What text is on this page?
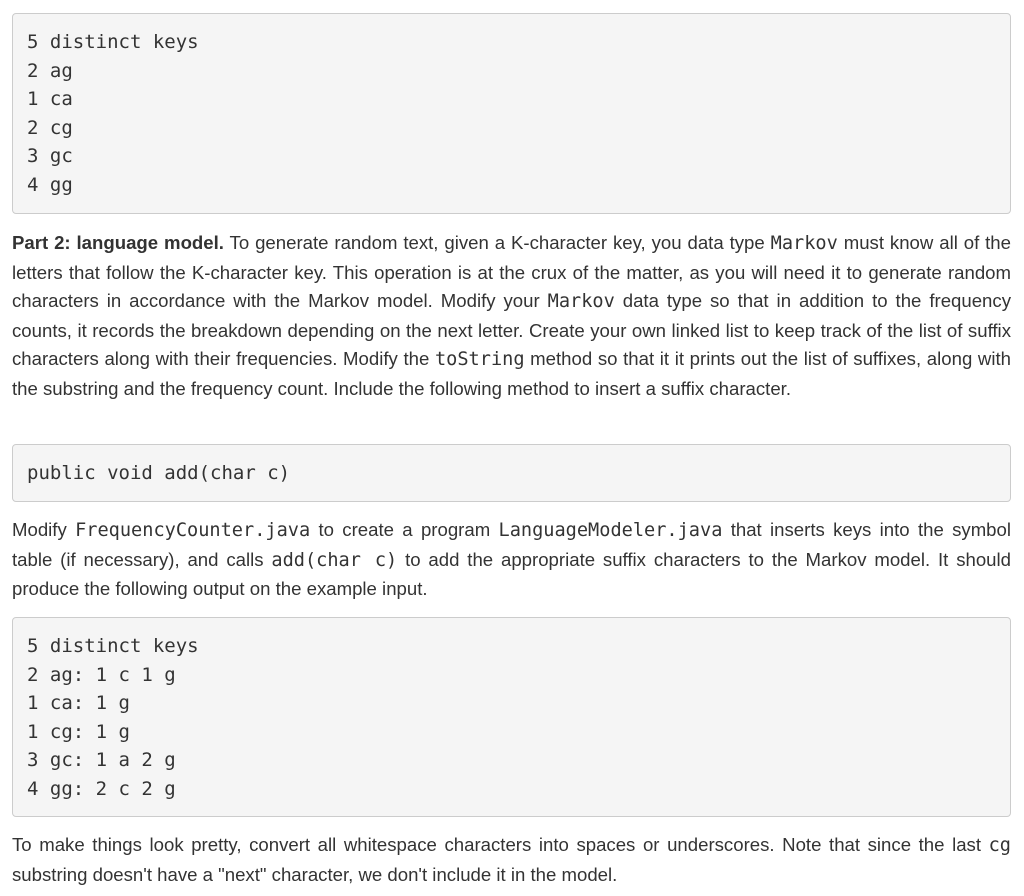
5 distinct keys
2 ag
1 ca
2 cg
3 gc
4 gg

Part 2: language model. To generate random text, given a K-character key, you data type Markov must know all of the letters that follow the K-character key. This operation is at the crux of the matter, as you will need it to generate random characters in accordance with the Markov model. Modify your Markov data type so that in addition to the frequency counts, it records the breakdown depending on the next letter. Create your own linked list to keep track of the list of suffix characters along with their frequencies. Modify the toString method so that it it prints out the list of suffixes, along with the substring and the frequency count. Include the following method to insert a suffix character.

public void add(char c)

Modify FrequencyCounter.java to create a program LanguageModeler.java that inserts keys into the symbol table (if necessary), and calls add(char c) to add the appropriate suffix characters to the Markov model. It should produce the following output on the example input.

5 distinct keys
2 ag: 1 c 1 g
1 ca: 1 g
1 cg: 1 g
3 gc: 1 a 2 g
4 gg: 2 c 2 g

To make things look pretty, convert all whitespace characters into spaces or underscores. Note that since the last cg substring doesn't have a "next" character, we don't include it in the model.
